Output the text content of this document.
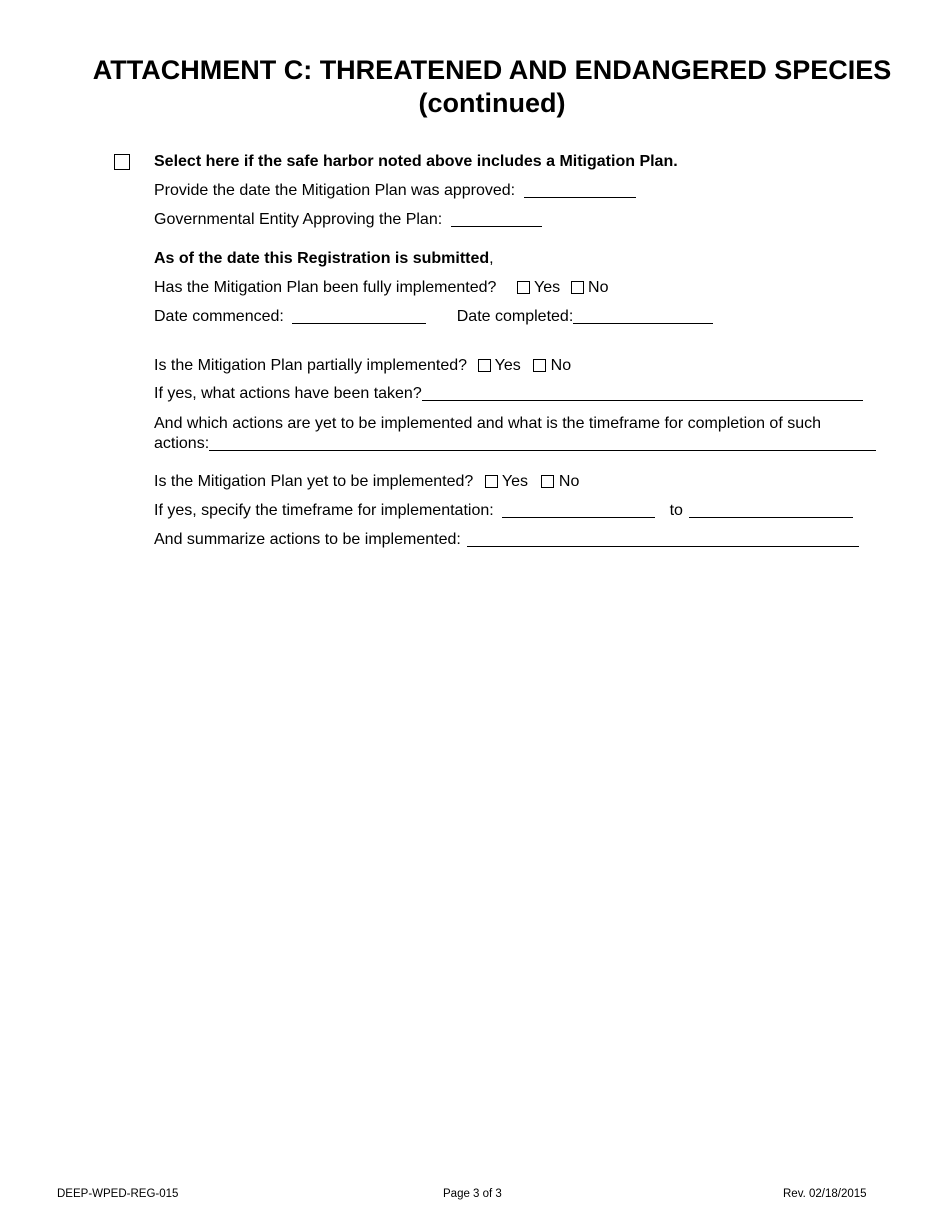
ATTACHMENT C: THREATENED AND ENDANGERED SPECIES
(continued)
Select here if the safe harbor noted above includes a Mitigation Plan.
Provide the date the Mitigation Plan was approved:
Governmental Entity Approving the Plan:
As of the date this Registration is submitted,
Has the Mitigation Plan been fully implemented? Yes No
Date commenced:	Date completed:
Is the Mitigation Plan partially implemented? Yes No
If yes, what actions have been taken?
And which actions are yet to be implemented and what is the timeframe for completion of such
actions:
Is the Mitigation Plan yet to be implemented? Yes No
If yes, specify the timeframe for implementation:	to
And summarize actions to be implemented:
DEEP-WPED-REG-015	Page 3 of 3	Rev. 02/18/2015
